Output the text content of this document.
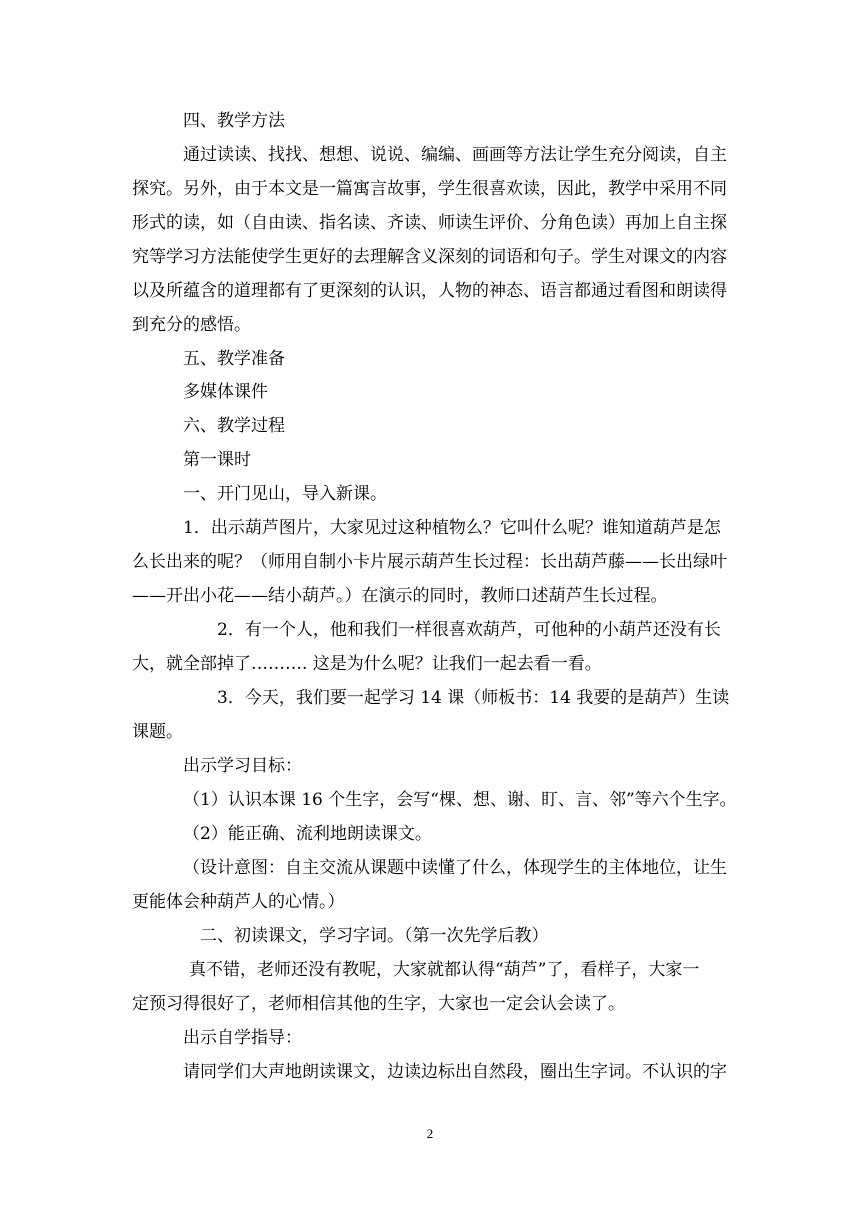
四、教学方法
通过读读、找找、想想、说说、编编、画画等方法让学生充分阅读，自主
探究。另外，由于本文是一篇寓言故事，学生很喜欢读，因此，教学中采用不同
形式的读，如（自由读、指名读、齐读、师读生评价、分角色读）再加上自主探
究等学习方法能使学生更好的去理解含义深刻的词语和句子。学生对课文的内容
以及所蕴含的道理都有了更深刻的认识，人物的神态、语言都通过看图和朗读得
到充分的感悟。
五、教学准备
多媒体课件
六、教学过程
第一课时
一、开门见山，导入新课。
1．出示葫芦图片，大家见过这种植物么？它叫什么呢？谁知道葫芦是怎
么长出来的呢？（师用自制小卡片展示葫芦生长过程：长出葫芦藤——长出绿叶
——开出小花——结小葫芦。）在演示的同时，教师口述葫芦生长过程。
2．有一个人，他和我们一样很喜欢葫芦，可他种的小葫芦还没有长
大，就全部掉了………. 这是为什么呢？让我们一起去看一看。
3．今天，我们要一起学习 14 课（师板书：14 我要的是葫芦）生读
课题。
出示学习目标：
（1）认识本课 16 个生字，会写“棵、想、谢、盯、言、邻”等六个生字。
（2）能正确、流利地朗读课文。
（设计意图：自主交流从课题中读懂了什么，体现学生的主体地位，让生
更能体会种葫芦人的心情。）
二、初读课文，学习字词。（第一次先学后教）
真不错，老师还没有教呢，大家就都认得“葫芦”了，看样子，大家一
定预习得很好了，老师相信其他的生字，大家也一定会认会读了。
出示自学指导：
请同学们大声地朗读课文，边读边标出自然段，圈出生字词。不认识的字
2
